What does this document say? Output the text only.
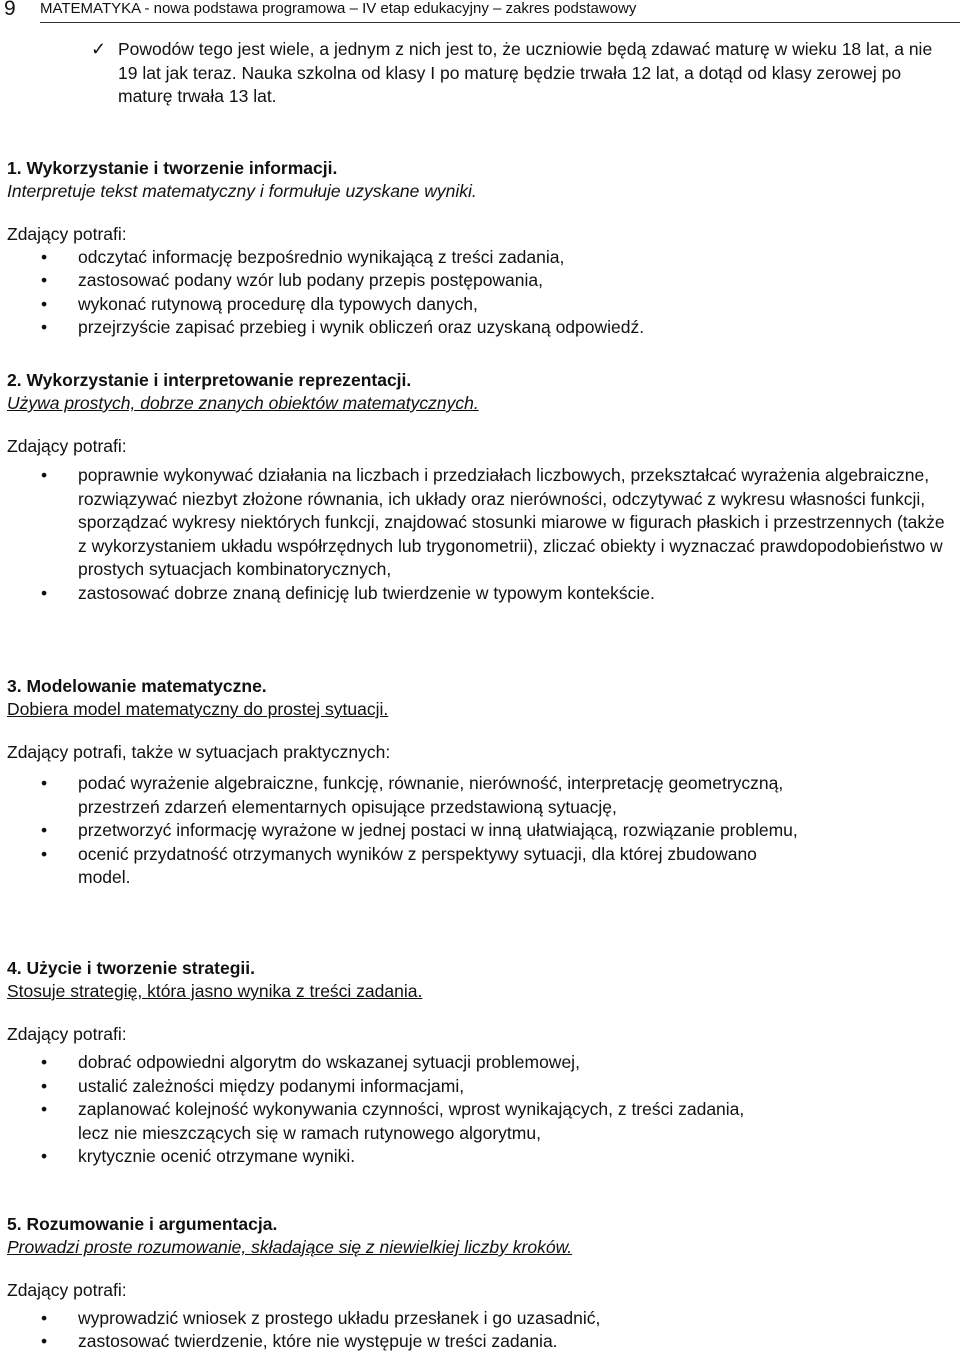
9 MATEMATYKA - nowa podstawa programowa – IV etap edukacyjny – zakres podstawowy
✓ Powodów tego jest wiele, a jednym z nich jest to, że uczniowie będą zdawać maturę w wieku 18 lat, a nie 19 lat jak teraz. Nauka szkolna od klasy I po maturę będzie trwała 12 lat, a dotąd od klasy zerowej po maturę trwała 13 lat.
1. Wykorzystanie i tworzenie informacji.
Interpretuje tekst matematyczny i formułuje uzyskane wyniki.
Zdający potrafi:
• odczytać informację bezpośrednio wynikającą z treści zadania,
• zastosować podany wzór lub podany przepis postępowania,
• wykonać rutynową procedurę dla typowych danych,
• przejrzyście zapisać przebieg i wynik obliczeń oraz uzyskaną odpowiedź.
2. Wykorzystanie i interpretowanie reprezentacji.
Używa prostych, dobrze znanych obiektów matematycznych.
Zdający potrafi:
• poprawnie wykonywać działania na liczbach i przedziałach liczbowych, przekształcać wyrażenia algebraiczne, rozwiązywać niezbyt złożone równania, ich układy oraz nierówności, odczytywać z wykresu własności funkcji, sporządzać wykresy niektórych funkcji, znajdować stosunki miarowe w figurach płaskich i przestrzennych (także z wykorzystaniem układu współrzędnych lub trygonometrii), zliczać obiekty i wyznaczać prawdopodobieństwo w prostych sytuacjach kombinatorycznych,
• zastosować dobrze znaną definicję lub twierdzenie w typowym kontekście.
3. Modelowanie matematyczne.
Dobiera model matematyczny do prostej sytuacji.
Zdający potrafi, także w sytuacjach praktycznych:
• podać wyrażenie algebraiczne, funkcję, równanie, nierówność, interpretację geometryczną, przestrzeń zdarzeń elementarnych opisujące przedstawioną sytuację,
• przetworzyć informację wyrażone w jednej postaci w inną ułatwiającą, rozwiązanie problemu,
• ocenić przydatność otrzymanych wyników z perspektywy sytuacji, dla której zbudowano model.
4. Użycie i tworzenie strategii.
Stosuje strategię, która jasno wynika z treści zadania.
Zdający potrafi:
• dobrać odpowiedni algorytm do wskazanej sytuacji problemowej,
• ustalić zależności między podanymi informacjami,
• zaplanować kolejność wykonywania czynności, wprost wynikających, z treści zadania, lecz nie mieszczących się w ramach rutynowego algorytmu,
• krytycznie ocenić otrzymane wyniki.
5. Rozumowanie i argumentacja.
Prowadzi proste rozumowanie, składające się z niewielkiej liczby kroków.
Zdający potrafi:
• wyprowadzić wniosek z prostego układu przesłanek i go uzasadnić,
• zastosować twierdzenie, które nie występuje w treści zadania.
